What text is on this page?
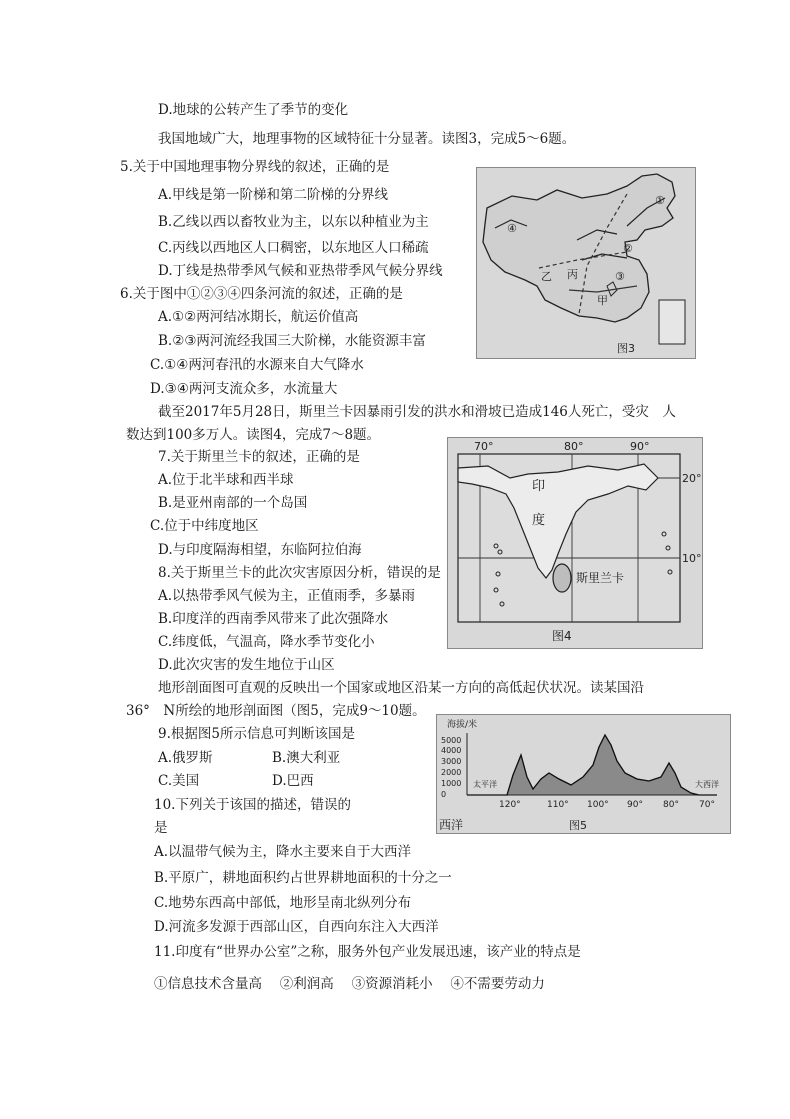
D.地球的公转产生了季节的变化
我国地域广大，地理事物的区域特征十分显著。读图3，完成5～6题。
5.关于中国地理事物分界线的叙述，正确的是
A.甲线是第一阶梯和第二阶梯的分界线
B.乙线以西以畜牧业为主，以东以种植业为主
C.丙线以西地区人口稠密，以东地区人口稀疏
D.丁线是热带季风气候和亚热带季风气候分界线
6.关于图中①②③④四条河流的叙述，正确的是
A.①②两河结冰期长，航运价值高
B.②③两河流经我国三大阶梯，水能资源丰富
C.①④两河春汛的水源来自大气降水
D.③④两河支流众多，水流量大
截至2017年5月28日，斯里兰卡因暴雨引发的洪水和滑坡已造成146人死亡，受灾　人
数达到100多万人。读图4，完成7～8题。
7.关于斯里兰卡的叙述，正确的是
A.位于北半球和西半球
B.是亚州南部的一个岛国
C.位于中纬度地区
D.与印度隔海相望，东临阿拉伯海
8.关于斯里兰卡的此次灾害原因分析，错误的是
A.以热带季风气候为主，正值雨季，多暴雨
B.印度洋的西南季风带来了此次强降水
C.纬度低，气温高，降水季节变化小
D.此次灾害的发生地位于山区
地形剖面图可直观的反映出一个国家或地区沿某一方向的高低起伏状况。读某国沿
36°　N所绘的地形剖面图（图5，完成9～10题。
9.根据图5所示信息可判断该国是
A.俄罗斯	B.澳大利亚
C.美国	D.巴西
10.下列关于该国的描述，错误的
是
A.以温带气候为主，降水主要来自于大西洋
B.平原广，耕地面积约占世界耕地面积的十分之一
C.地势东西高中部低，地形呈南北纵列分布
D.河流多发源于西部山区，自西向东注入大西洋
11.印度有“世界办公室”之称，服务外包产业发展迅速，该产业的特点是
①信息技术含量高　 ②利润高　 ③资源消耗小　 ④不需要劳动力
①
②
③
④
乙 丙
甲
图3
70°	80°	90°
20°
10°
印
度
斯里兰卡
图4
海拔/米
5000
4000
3000
2000
1000
0
太平洋	大西洋
120°	110° 100° 90° 80° 70°
西洋	图5
